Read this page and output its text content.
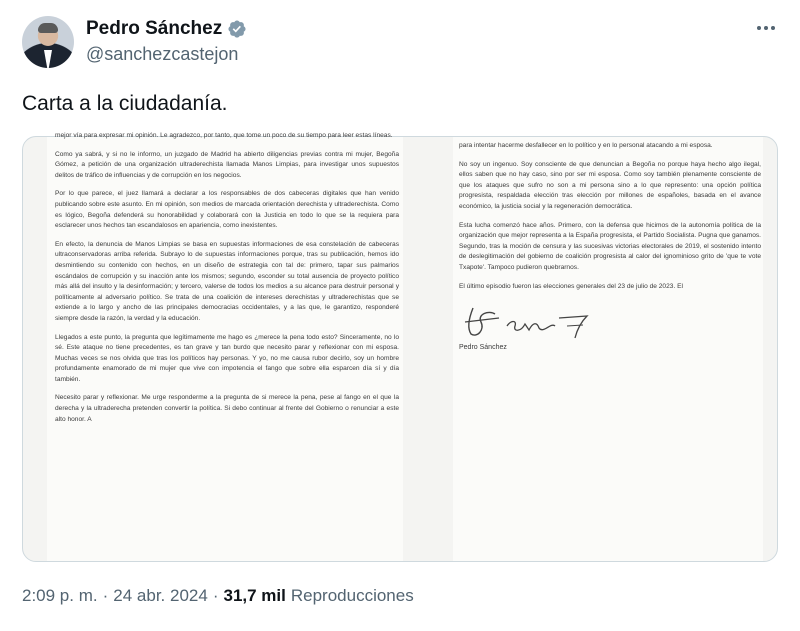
Pedro Sánchez
@sanchezcastejon
Carta a la ciudadanía.

mejor vía para expresar mi opinión. Le agradezco, por tanto, que tome un poco de su tiempo para leer estas líneas.

Como ya sabrá, y si no le informo, un juzgado de Madrid ha abierto diligencias previas contra mi mujer, Begoña Gómez, a petición de una organización ultraderechista llamada Manos Limpias, para investigar unos supuestos delitos de tráfico de influencias y de corrupción en los negocios.

Por lo que parece, el juez llamará a declarar a los responsables de dos cabeceras digitales que han venido publicando sobre este asunto. En mi opinión, son medios de marcada orientación derechista y ultraderechista. Como es lógico, Begoña defenderá su honorabilidad y colaborará con la Justicia en todo lo que se la requiera para esclarecer unos hechos tan escandalosos en apariencia, como inexistentes.

En efecto, la denuncia de Manos Limpias se basa en supuestas informaciones de esa constelación de cabeceras ultraconservadoras arriba referida. Subrayo lo de supuestas informaciones porque, tras su publicación, hemos ido desmintiendo su contenido con hechos, en un diseño de estrategia con tal de: primero, tapar sus palmarios escándalos de corrupción y su inacción ante los mismos; segundo, esconder su total ausencia de proyecto político más allá del insulto y la desinformación; y tercero, valerse de todos los medios a su alcance para destruir personal y políticamente al adversario político. Se trata de una coalición de intereses derechistas y ultraderechistas que se extiende a lo largo y ancho de las principales democracias occidentales, y a las que, le garantizo, responderé siempre desde la razón, la verdad y la educación.

Llegados a este punto, la pregunta que legítimamente me hago es ¿merece la pena todo esto? Sinceramente, no lo sé. Este ataque no tiene precedentes, es tan grave y tan burdo que necesito parar y reflexionar con mi esposa. Muchas veces se nos olvida que tras los políticos hay personas. Y yo, no me causa rubor decirlo, soy un hombre profundamente enamorado de mi mujer que vive con impotencia el fango que sobre ella esparcen día sí y día también.

Necesito parar y reflexionar. Me urge responderme a la pregunta de si merece la pena, pese al fango en el que la derecha y la ultraderecha pretenden convertir la política. Si debo continuar al frente del Gobierno o renunciar a este alto honor. A

para intentar hacerme desfallecer en lo político y en lo personal atacando a mi esposa.

No soy un ingenuo. Soy consciente de que denuncian a Begoña no porque haya hecho algo ilegal, ellos saben que no hay caso, sino por ser mi esposa. Como soy también plenamente consciente de que los ataques que sufro no son a mi persona sino a lo que represento: una opción política progresista, respaldada elección tras elección por millones de españoles, basada en el avance económico, la justicia social y la regeneración democrática.

Esta lucha comenzó hace años. Primero, con la defensa que hicimos de la autonomía política de la organización que mejor representa a la España progresista, el Partido Socialista. Pugna que ganamos. Segundo, tras la moción de censura y las sucesivas victorias electorales de 2019, el sostenido intento de deslegitimación del gobierno de coalición progresista al calor del ignominioso grito de 'que te vote Txapote'. Tampoco pudieron quebrarnos.

El último episodio fueron las elecciones generales del 23 de julio de 2023. El

Pedro Sánchez
2:09 p. m. · 24 abr. 2024 · 31,7 mil Reproducciones
